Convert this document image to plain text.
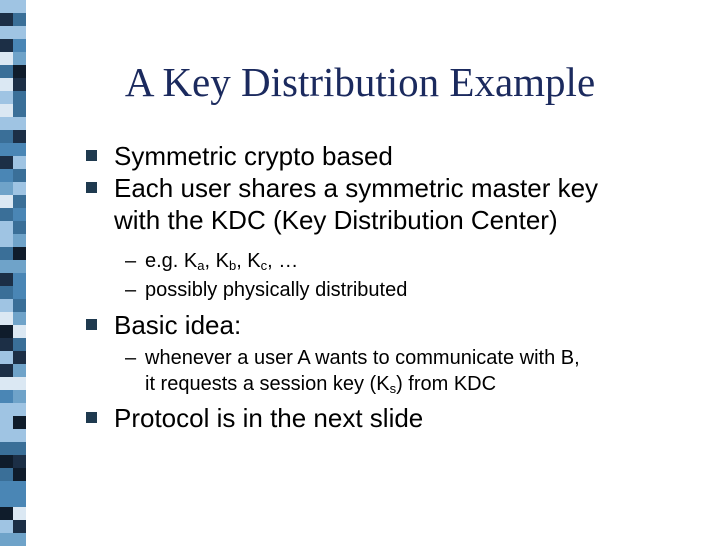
A Key Distribution Example
Symmetric crypto based
Each user shares a symmetric master key
with the KDC (Key Distribution Center)
– e.g. $K_a$, $K_b$, $K_c$, …
– possibly physically distributed
Basic idea:
– whenever a user A wants to communicate with B,
it requests a session key $(K_s)$ from KDC
Protocol is in the next slide
